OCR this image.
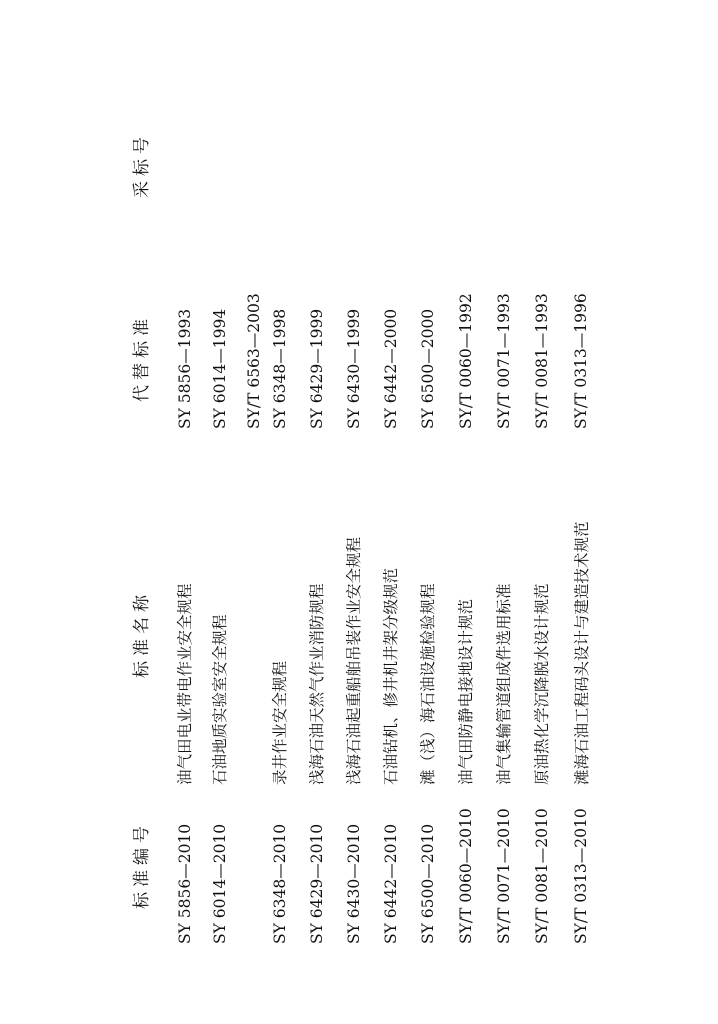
标准编号
标准名称
代替标准
采标号
SY 5856—2010
油气田电业带电作业安全规程
SY 5856—1993
SY 6014—2010
石油地质实验室安全规程
SY 6014—1994 SY/T 6563—2003
SY 6348—2010
录井作业安全规程
SY 6348—1998
SY 6429—2010
浅海石油天然气作业消防规程
SY 6429—1999
SY 6430—2010
浅海石油起重船舶吊装作业安全规程
SY 6430—1999
SY 6442—2010
石油钻机、修井机井架分级规范
SY 6442—2000
SY 6500—2010
滩（浅）海石油设施检验规程
SY 6500—2000
SY/T 0060—2010
油气田防静电接地设计规范
SY/T 0060—1992
SY/T 0071—2010
油气集输管道组成件选用标准
SY/T 0071—1993
SY/T 0081—2010
原油热化学沉降脱水设计规范
SY/T 0081—1993
SY/T 0313—2010
滩海石油工程码头设计与建造技术规范
SY/T 0313—1996
